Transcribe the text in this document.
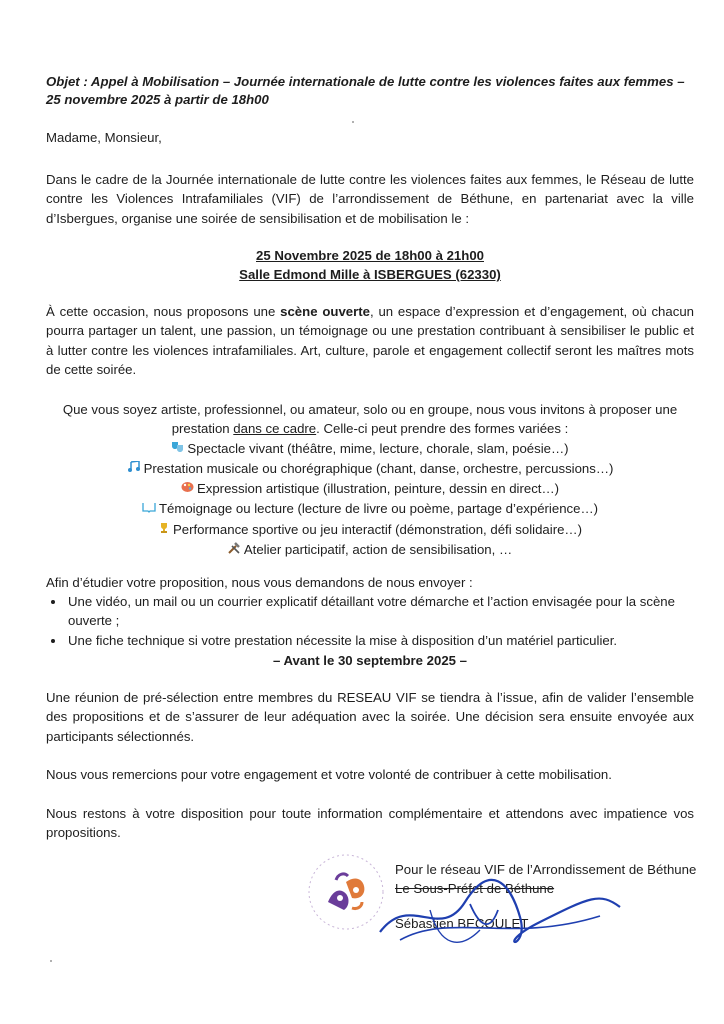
Objet : Appel à Mobilisation – Journée internationale de lutte contre les violences faites aux femmes – 25 novembre 2025 à partir de 18h00

Madame, Monsieur,

Dans le cadre de la Journée internationale de lutte contre les violences faites aux femmes, le Réseau de lutte contre les Violences Intrafamiliales (VIF) de l’arrondissement de Béthune, en partenariat avec la ville d’Isbergues, organise une soirée de sensibilisation et de mobilisation le :

25 Novembre 2025 de 18h00 à 21h00
Salle Edmond Mille à ISBERGUES (62330)

À cette occasion, nous proposons une scène ouverte, un espace d’expression et d’engagement, où chacun pourra partager un talent, une passion, un témoignage ou une prestation contribuant à sensibiliser le public et à lutter contre les violences intrafamiliales. Art, culture, parole et engagement collectif seront les maîtres mots de cette soirée.

Que vous soyez artiste, professionnel, ou amateur, solo ou en groupe, nous vous invitons à proposer une
prestation dans ce cadre. Celle-ci peut prendre des formes variées :
Spectacle vivant (théâtre, mime, lecture, chorale, slam, poésie…)
Prestation musicale ou chorégraphique (chant, danse, orchestre, percussions…)
Expression artistique (illustration, peinture, dessin en direct…)
Témoignage ou lecture (lecture de livre ou poème, partage d’expérience…)
Performance sportive ou jeu interactif (démonstration, défi solidaire…)
Atelier participatif, action de sensibilisation, …

Afin d’étudier votre proposition, nous vous demandons de nous envoyer :

• Une vidéo, un mail ou un courrier explicatif détaillant votre démarche et l’action envisagée pour la scène ouverte ;
• Une fiche technique si votre prestation nécessite la mise à disposition d’un matériel particulier.
– Avant le 30 septembre 2025 –

Une réunion de pré-sélection entre membres du RESEAU VIF se tiendra à l’issue, afin de valider l’ensemble des propositions et de s’assurer de leur adéquation avec la soirée. Une décision sera ensuite envoyée aux participants sélectionnés.

Nous vous remercions pour votre engagement et votre volonté de contribuer à cette mobilisation.

Nous restons à votre disposition pour toute information complémentaire et attendons avec impatience vos propositions.

Pour le réseau VIF de l’Arrondissement de Béthune
Le Sous-Préfet de Béthune
Sébastien BECOULET
